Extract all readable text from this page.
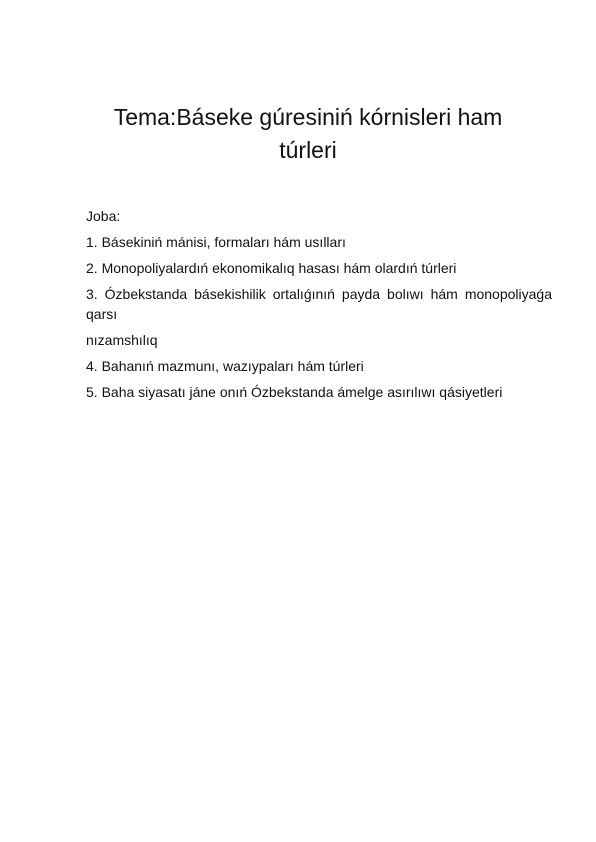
Tema:Báseke gúresiniń kórnisleri ham
túrleri

Joba:

1. Básekiniń mánisi, formaları hám usılları

2. Monopoliyalardıń ekonomikalıq hasası hám olardıń túrleri

3. Ózbekstanda básekishilik ortalıǵınıń payda bolıwı hám monopoliyaǵa qarsı

nızamshılıq

4. Bahanıń mazmunı, wazıypaları hám túrleri

5. Baha siyasatı jáne onıń Ózbekstanda ámelge asırılıwı qásiyetleri
